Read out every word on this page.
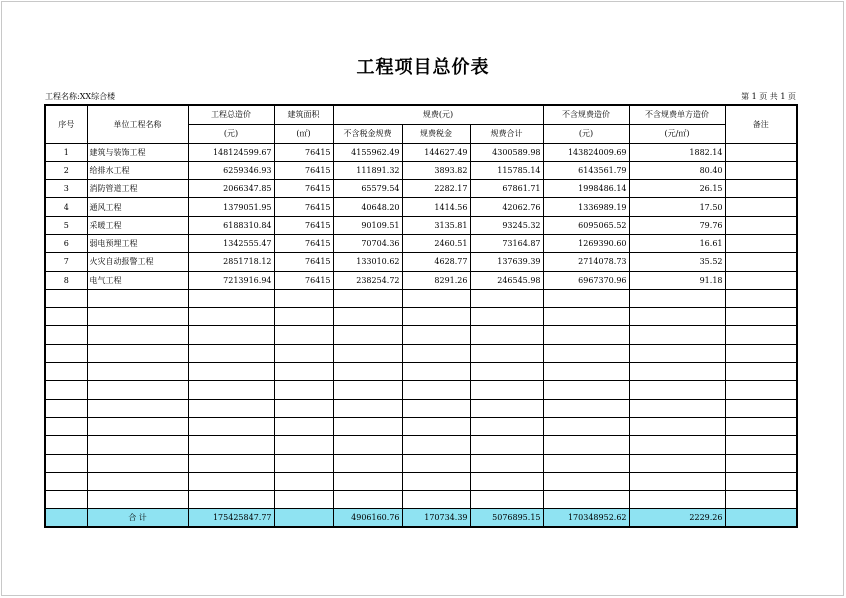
工程项目总价表
工程名称:XX综合楼	第 1 页 共 1 页
序号	单位工程名称	工程总造价	建筑面积	规费(元)			不含规费造价	不含规费单方造价	备注
		(元)	(㎡)	不含税金规费	规费税金	规费合计	(元)	(元/㎡)	
1	建筑与装饰工程	148124599.67	76415	4155962.49	144627.49	4300589.98	143824009.69	1882.14	
2	给排水工程	6259346.93	76415	111891.32	3893.82	115785.14	6143561.79	80.40	
3	消防管道工程	2066347.85	76415	65579.54	2282.17	67861.71	1998486.14	26.15	
4	通风工程	1379051.95	76415	40648.20	1414.56	42062.76	1336989.19	17.50	
5	采暖工程	6188310.84	76415	90109.51	3135.81	93245.32	6095065.52	79.76	
6	弱电预埋工程	1342555.47	76415	70704.36	2460.51	73164.87	1269390.60	16.61	
7	火灾自动报警工程	2851718.12	76415	133010.62	4628.77	137639.39	2714078.73	35.52	
8	电气工程	7213916.94	76415	238254.72	8291.26	246545.98	6967370.96	91.18	

	合 计	175425847.77		4906160.76	170734.39	5076895.15	170348952.62	2229.26	
